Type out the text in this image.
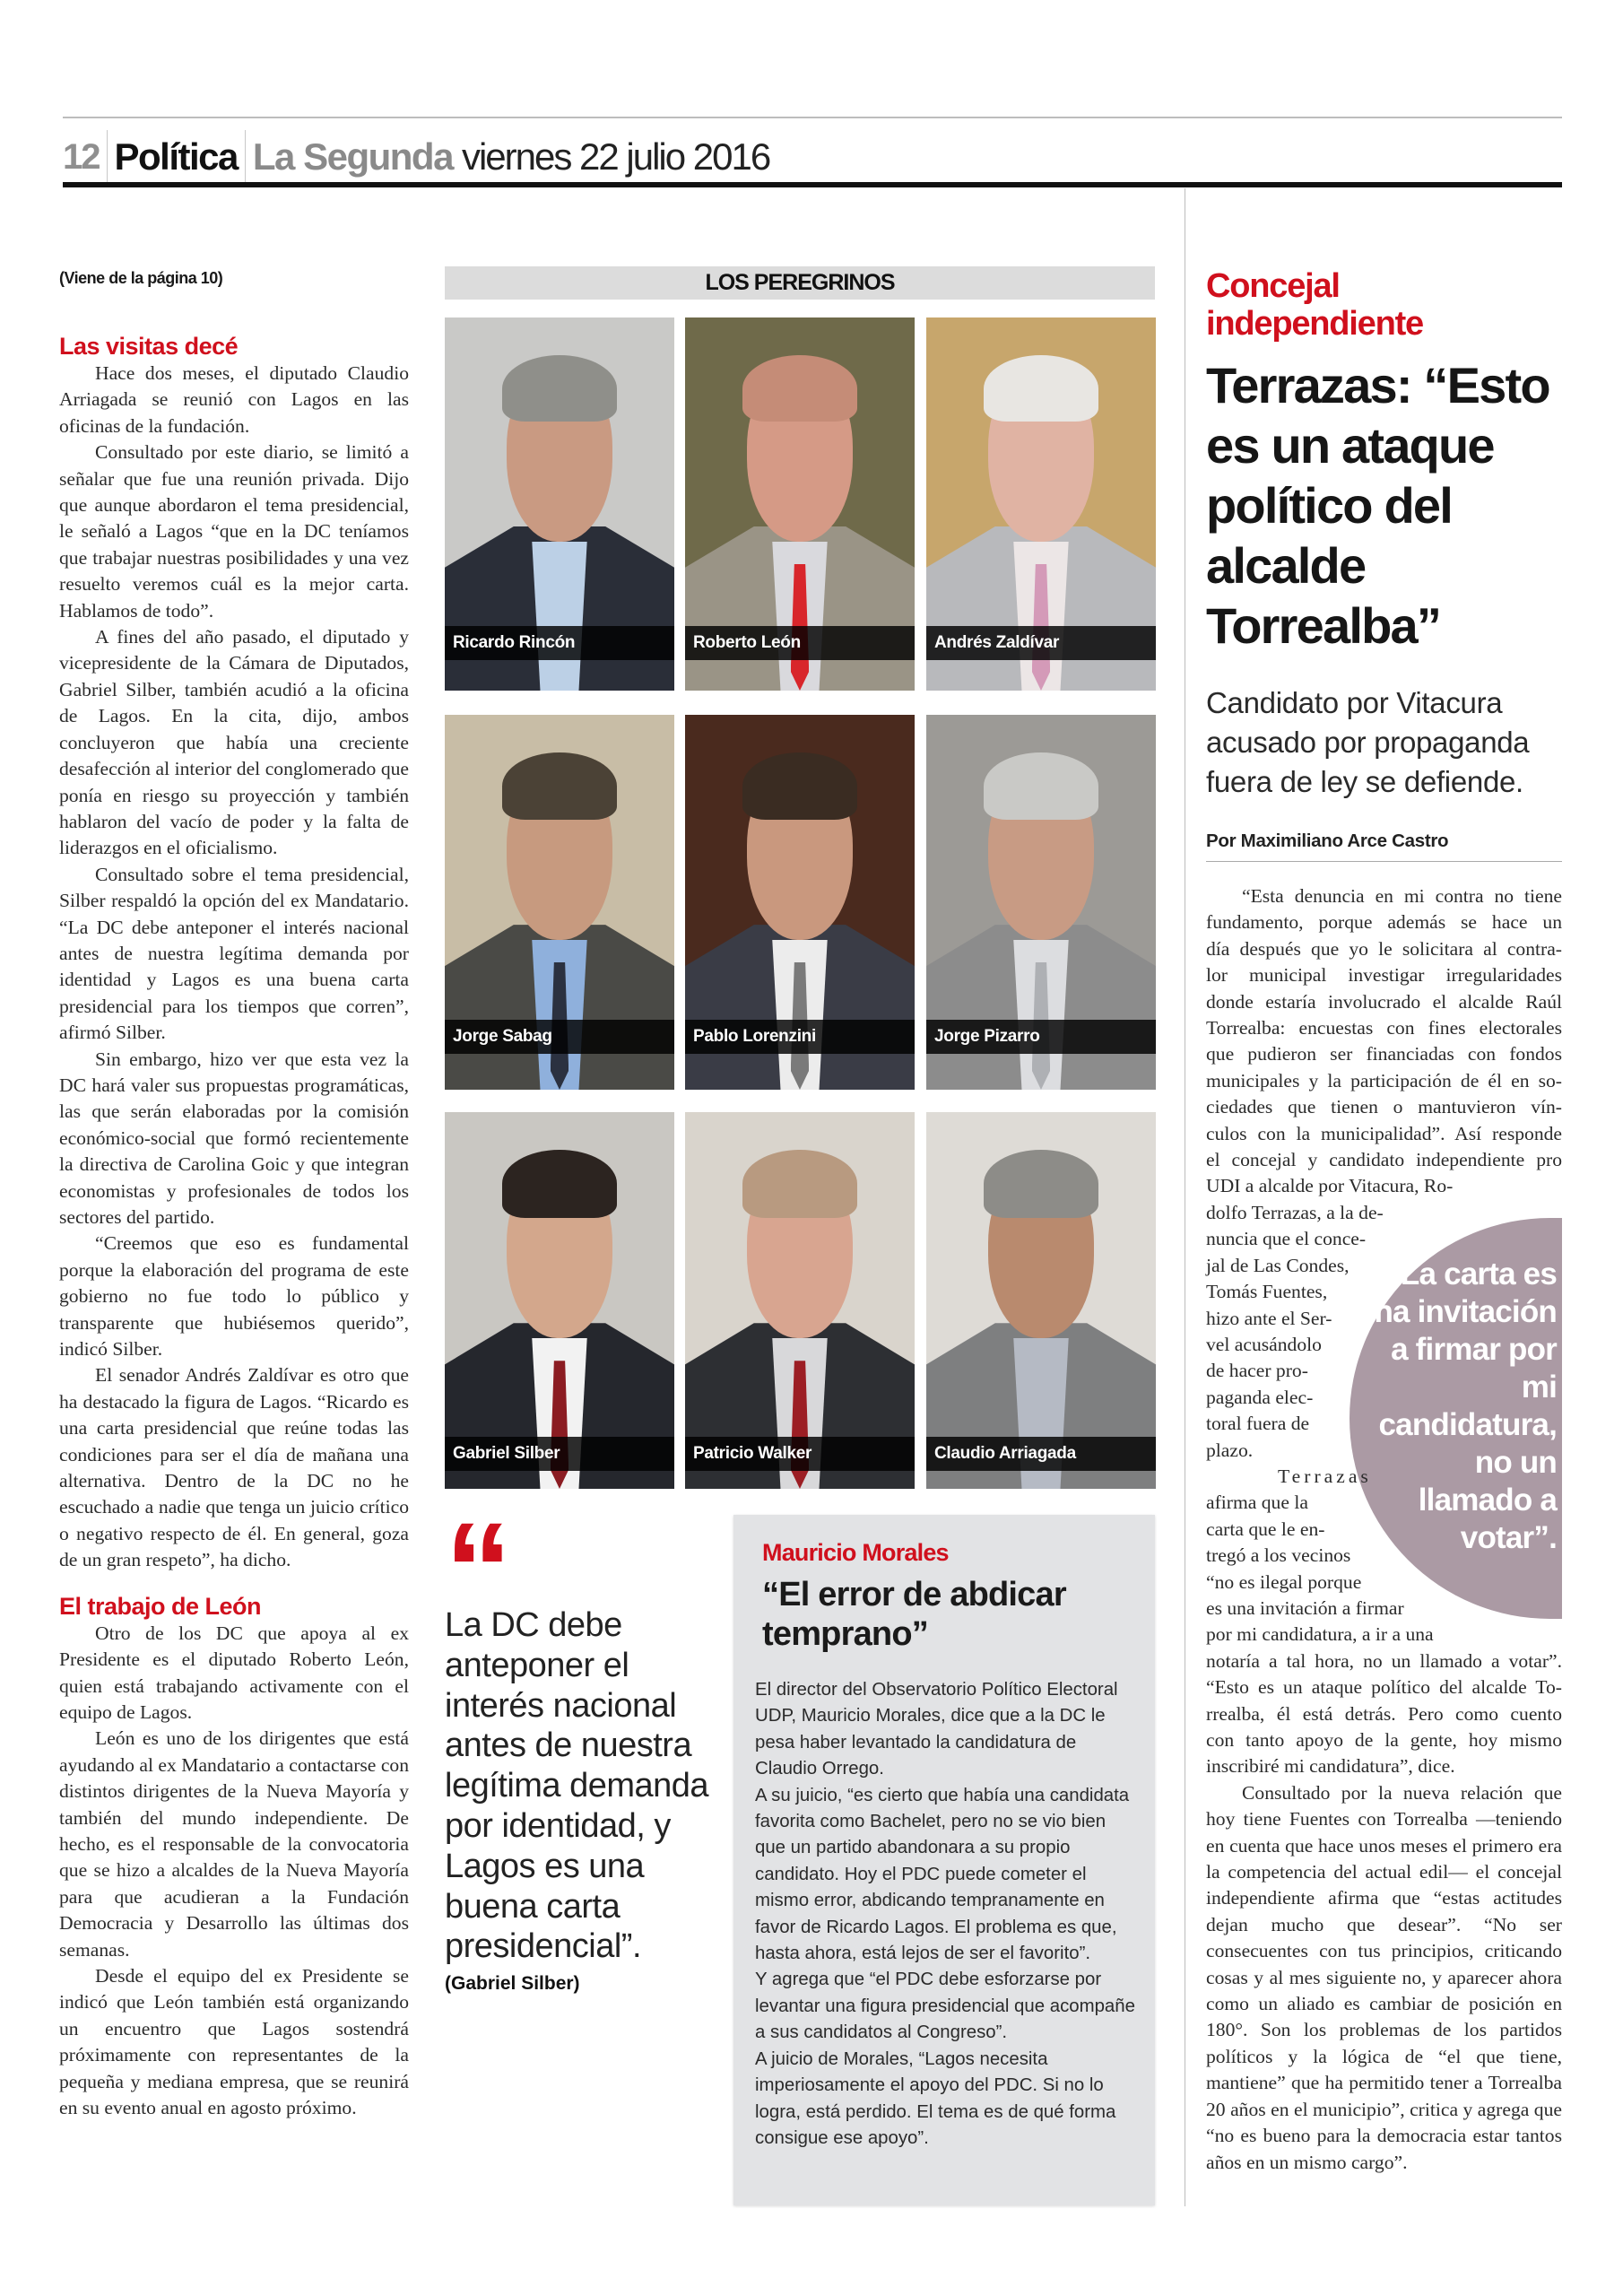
12 Política La Segunda viernes 22 julio 2016
(Viene de la página 10)
Las visitas decé

Hace dos meses, el diputado Claudio Arriagada se reunió con Lagos en las oficinas de la fundación.

Consultado por este diario, se limitó a señalar que fue una reunión privada. Dijo que aunque abordaron el tema presidencial, le señaló a Lagos “que en la DC teníamos que trabajar nuestras posibilidades y una vez resuelto veremos cuál es la mejor carta. Hablamos de todo”.

A fines del año pasado, el diputado y vicepresidente de la Cámara de Diputados, Gabriel Silber, también acudió a la oficina de Lagos. En la cita, dijo, ambos concluyeron que había una creciente desafección al interior del conglomerado que ponía en riesgo su proyección y también hablaron del vacío de poder y la falta de liderazgos en el oficialismo.

Consultado sobre el tema presidencial, Silber respaldó la opción del ex Mandatario. “La DC debe anteponer el interés nacional antes de nuestra legítima demanda por identidad y Lagos es una buena carta presidencial para los tiempos que corren”, afirmó Silber.

Sin embargo, hizo ver que esta vez la DC hará valer sus propuestas programáticas, las que serán elaboradas por la comisión económico-social que formó recientemente la directiva de Carolina Goic y que integran economistas y profesionales de todos los sectores del partido.

“Creemos que eso es fundamental porque la elaboración del programa de este gobierno no fue todo lo público y transparente que hubiésemos querido”, indicó Silber.

El senador Andrés Zaldívar es otro que ha destacado la figura de Lagos. “Ricardo es una carta presidencial que reúne todas las condiciones para ser el día de mañana una alternativa. Dentro de la DC no he escuchado a nadie que tenga un juicio crítico o negativo respecto de él. En general, goza de un gran respeto”, ha dicho.

El trabajo de León

Otro de los DC que apoya al ex Presidente es el diputado Roberto León, quien está trabajando activamente con el equipo de Lagos.

León es uno de los dirigentes que está ayudando al ex Mandatario a contactarse con distintos dirigentes de la Nueva Mayoría y también del mundo independiente. De hecho, es el responsable de la convocatoria que se hizo a alcaldes de la Nueva Mayoría para que acudieran a la Fundación Democracia y Desarrollo las últimas dos semanas.

Desde el equipo del ex Presidente se indicó que León también está organizando un encuentro que Lagos sostendrá próximamente con representantes de la pequeña y mediana empresa, que se reunirá en su evento anual en agosto próximo.

LOS PEREGRINOS
Ricardo Rincón	Roberto León	Andrés Zaldívar
Jorge Sabag	Pablo Lorenzini	Jorge Pizarro
Gabriel Silber	Patricio Walker	Claudio Arriagada
La DC debe anteponer el interés nacional antes de nuestra legítima demanda por identidad, y Lagos es una buena carta presidencial”.
(Gabriel Silber)
Mauricio Morales
“El error de abdicar temprano”

El director del Observatorio Político Electoral UDP, Mauricio Morales, dice que a la DC le pesa haber levantado la candidatura de Claudio Orrego.

A su juicio, “es cierto que había una candidata favorita como Bachelet, pero no se vio bien que un partido abandonara a su propio candidato. Hoy el PDC puede cometer el mismo error, abdicando tempranamente en favor de Ricardo Lagos. El problema es que, hasta ahora, está lejos de ser el favorito”.

Y agrega que “el PDC debe esforzarse por levantar una figura presidencial que acompañe a sus candidatos al Congreso”.

A juicio de Morales, “Lagos necesita imperiosamente el apoyo del PDC. Si no lo logra, está perdido. El tema es de qué forma consigue ese apoyo”.

Concejal independiente
Terrazas: “Esto es un ataque político del alcalde Torrealba”
Candidato por Vitacura acusado por propaganda fuera de ley se defiende.
Por Maximiliano Arce Castro
“La carta es una invitación a firmar por mi candidatura, no un llamado a votar”.
“Esta denuncia en mi contra no tiene
fundamento, porque además se hace un
día después que yo le solicitara al contra-
lor municipal investigar irregularidades
donde estaría involucrado el alcalde Raúl
Torrealba: encuestas con fines electorales
que pudieron ser financiadas con fondos
municipales y la participación de él en so-
ciedades que tienen o mantuvieron vín-
culos con la municipalidad”. Así responde
el concejal y candidato independiente pro
UDI a alcalde por Vitacura, Ro-
dolfo Terrazas, a la de-
nuncia que el conce-
jal de Las Condes,
Tomás Fuentes,
hizo ante el Ser-
vel acusándolo
de hacer pro-
paganda elec-
toral fuera de
plazo.
Terrazas
afirma que la
carta que le en-
tregó a los vecinos
“no es ilegal porque
es una invitación a firmar
por mi candidatura, a ir a una
notaría a tal hora, no un llamado a votar”.
“Esto es un ataque político del alcalde To-
rrealba, él está detrás. Pero como cuento
con tanto apoyo de la gente, hoy mismo
inscribiré mi candidatura”, dice.

Consultado por la nueva relación que hoy tiene Fuentes con Torrealba —teniendo en cuenta que hace unos meses el primero era la competencia del actual edil— el concejal independiente afirma que “estas actitudes dejan mucho que desear”. “No ser consecuentes con tus principios, criticando cosas y al mes siguiente no, y aparecer ahora como un aliado es cambiar de posición en 180°. Son los problemas de los partidos políticos y la lógica de “el que tiene, mantiene” que ha permitido tener a Torrealba 20 años en el municipio”, critica y agrega que “no es bueno para la democracia estar tantos años en un mismo cargo”.
